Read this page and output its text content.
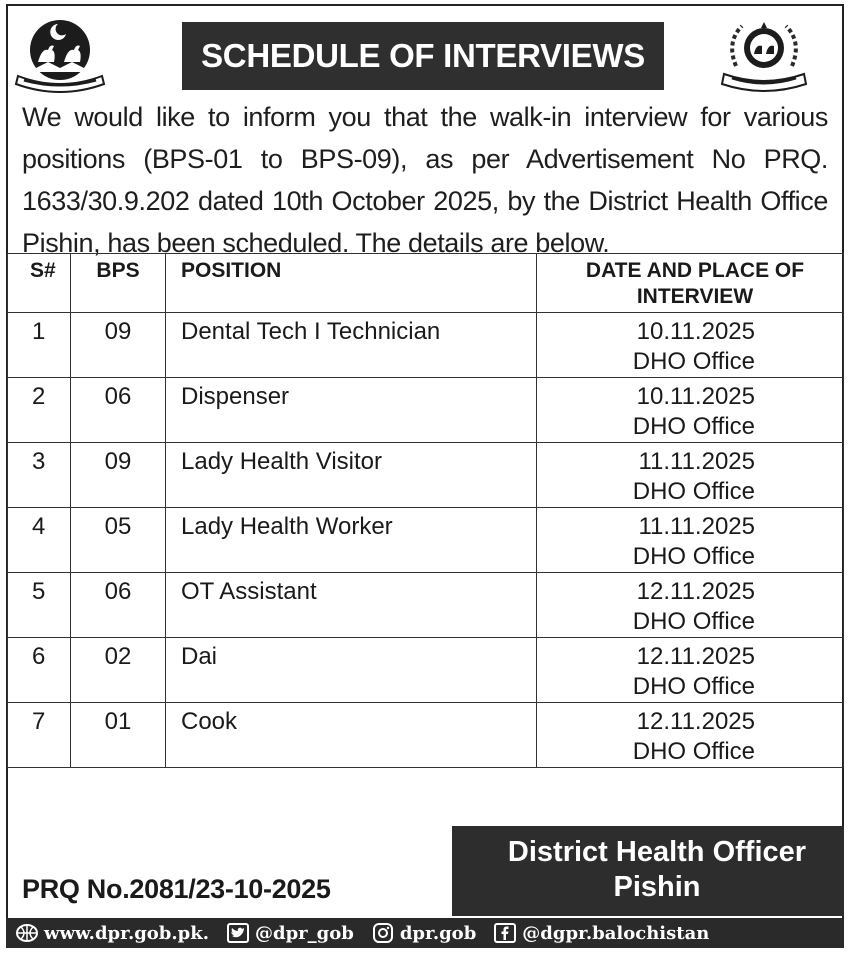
SCHEDULE OF INTERVIEWS

We would like to inform you that the walk-in interview for various positions (BPS-01 to BPS-09), as per Advertisement No PRQ. 1633/30.9.202 dated 10th October 2025, by the District Health Office Pishin, has been scheduled. The details are below.

S#	BPS	POSITION	DATE AND PLACE OF
INTERVIEW

1	09	Dental Tech I Technician	10.11.2025
DHO Office

2	06	Dispenser	10.11.2025
DHO Office

3	09	Lady Health Visitor	11.11.2025
DHO Office

4	05	Lady Health Worker	11.11.2025
DHO Office

5	06	OT Assistant	12.11.2025
DHO Office

6	02	Dai	12.11.2025
DHO Office

7	01	Cook	12.11.2025
DHO Office
District Health Officer
Pishin
PRQ No.2081/23-10-2025
www.dpr.gob.pk.	@dpr_gob	dpr.gob	@dgpr.balochistan
